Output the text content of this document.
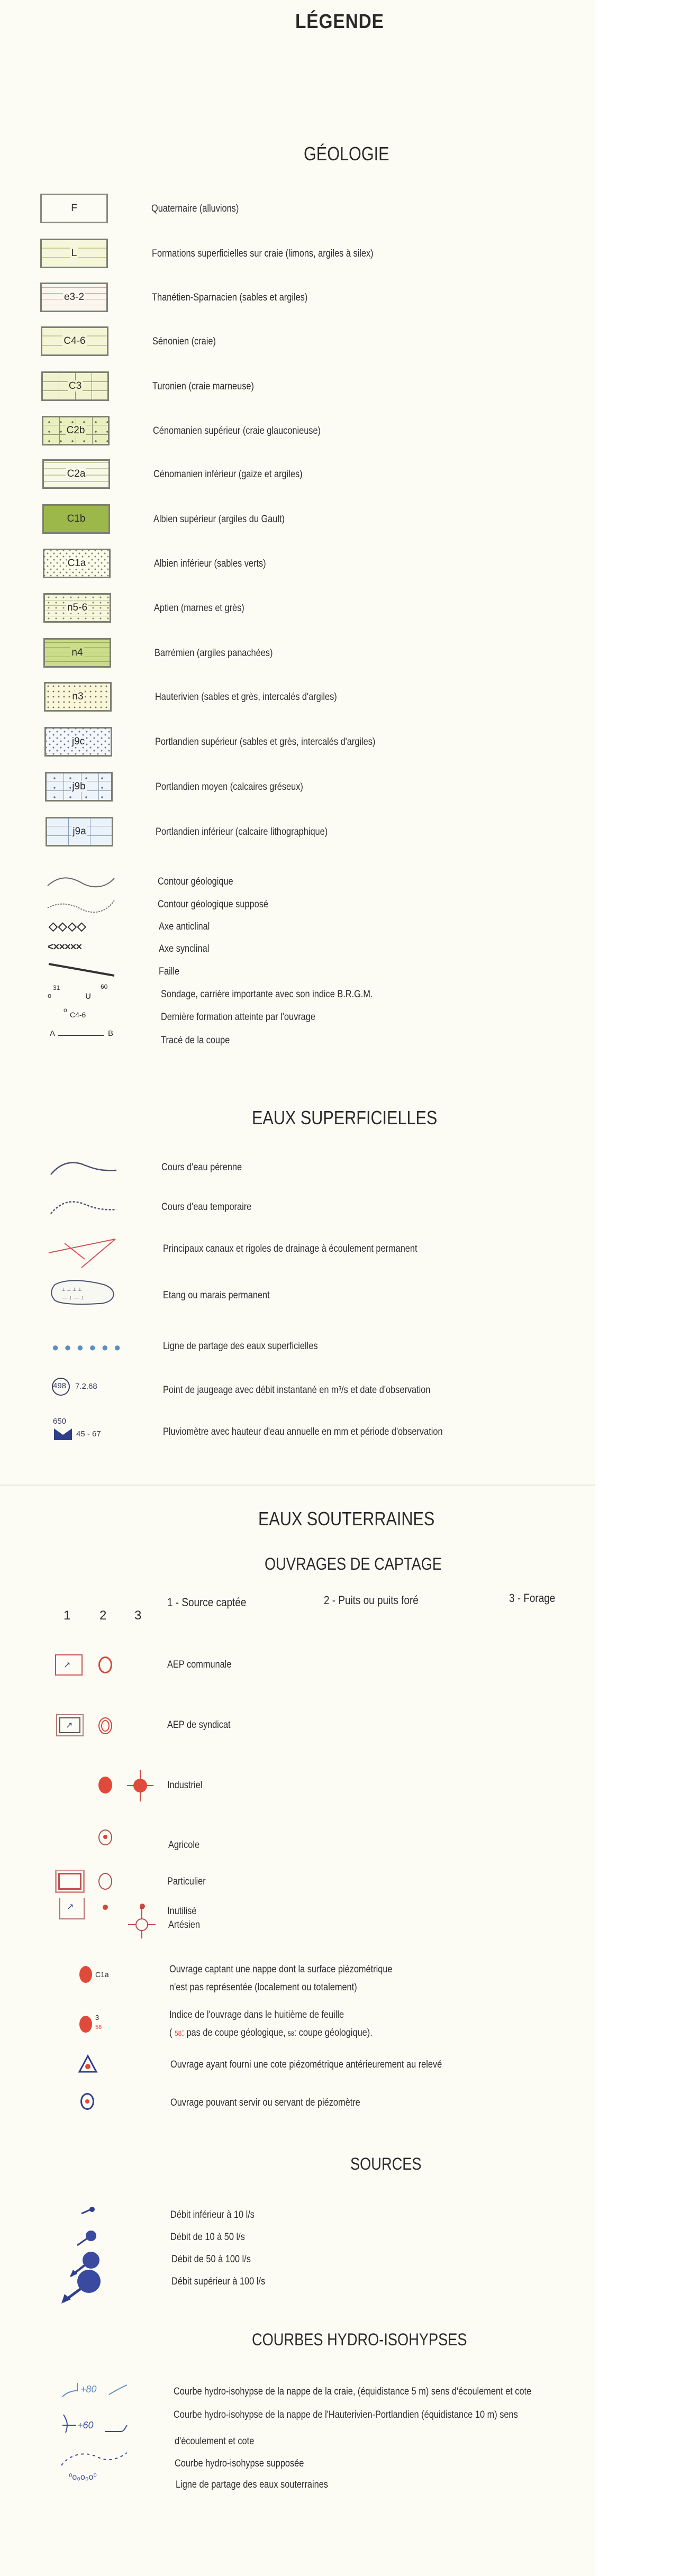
LÉGENDE
GÉOLOGIE
F	Quaternaire (alluvions)
L	Formations superficielles sur craie (limons, argiles à silex)
e3-2	Thanétien-Sparnacien (sables et argiles)
C4-6	Sénonien (craie)
C3	Turonien (craie marneuse)
C2b	Cénomanien supérieur (craie glauconieuse)
C2a	Cénomanien inférieur (gaize et argiles)
C1b	Albien supérieur (argiles du Gault)
C1a	Albien inférieur (sables verts)
n5-6	Aptien (marnes et grès)
n4	Barrémien (argiles panachées)
n3	Hauterivien (sables et grès, intercalés d'argiles)
j9c	Portlandien supérieur (sables et grès, intercalés d'argiles)
j9b	Portlandien moyen (calcaires gréseux)
j9a	Portlandien inférieur (calcaire lithographique)
Contour géologique
Contour géologique supposé
◇◇◇◇	Axe anticlinal
<×××××	Axe synclinal
Faille
o
31
∪
60
Sondage, carrière importante avec son indice B.R.G.M.
o
C4-6	Dernière formation atteinte par l'ouvrage
A	B
Tracé de la coupe
EAUX SUPERFICIELLES
Cours d'eau pérenne
Cours d'eau temporaire
Principaux canaux et rigoles de drainage à écoulement permanent
⊥ ⊥ ⊥ ⊥
— ⊥ — ⊥	Etang ou marais permanent
● ● ● ● ● ●	Ligne de partage des eaux superficielles
498	7.2.68	Point de jaugeage avec débit instantané en m³/s et date d'observation
650
45 - 67	Pluviomètre avec hauteur d'eau annuelle en mm et période d'observation
EAUX SOUTERRAINES
OUVRAGES DE CAPTAGE
1 - Source captée	2 - Puits ou puits foré	3 - Forage
1 2 3
↗	AEP communale
↗	AEP de syndicat
Industriel
Agricole
Particulier
↗	Inutilisé
Artésien
C1a	Ouvrage captant une nappe dont la surface piézométrique
n'est pas représentée (localement ou totalement)
3
58
Indice de l'ouvrage dans le huitième de feuille
( 58: pas de coupe géologique, 58: coupe géologique).
Ouvrage ayant fourni une cote piézométrique antérieurement au relevé
Ouvrage pouvant servir ou servant de piézomètre
SOURCES
Débit inférieur à 10 l/s
Débit de 10 à 50 l/s
Débit de 50 à 100 l/s
Débit supérieur à 100 l/s
COURBES HYDRO-ISOHYPSES
+80	Courbe hydro-isohypse de la nappe de la craie, (équidistance 5 m) sens d'écoulement et cote
+60
Courbe hydro-isohypse de la nappe de l'Hauterivien-Portlandien (équidistance 10 m) sens
d'écoulement et cote
Courbe hydro-isohypse supposée
⁰o₀o₀o⁰
Ligne de partage des eaux souterraines
